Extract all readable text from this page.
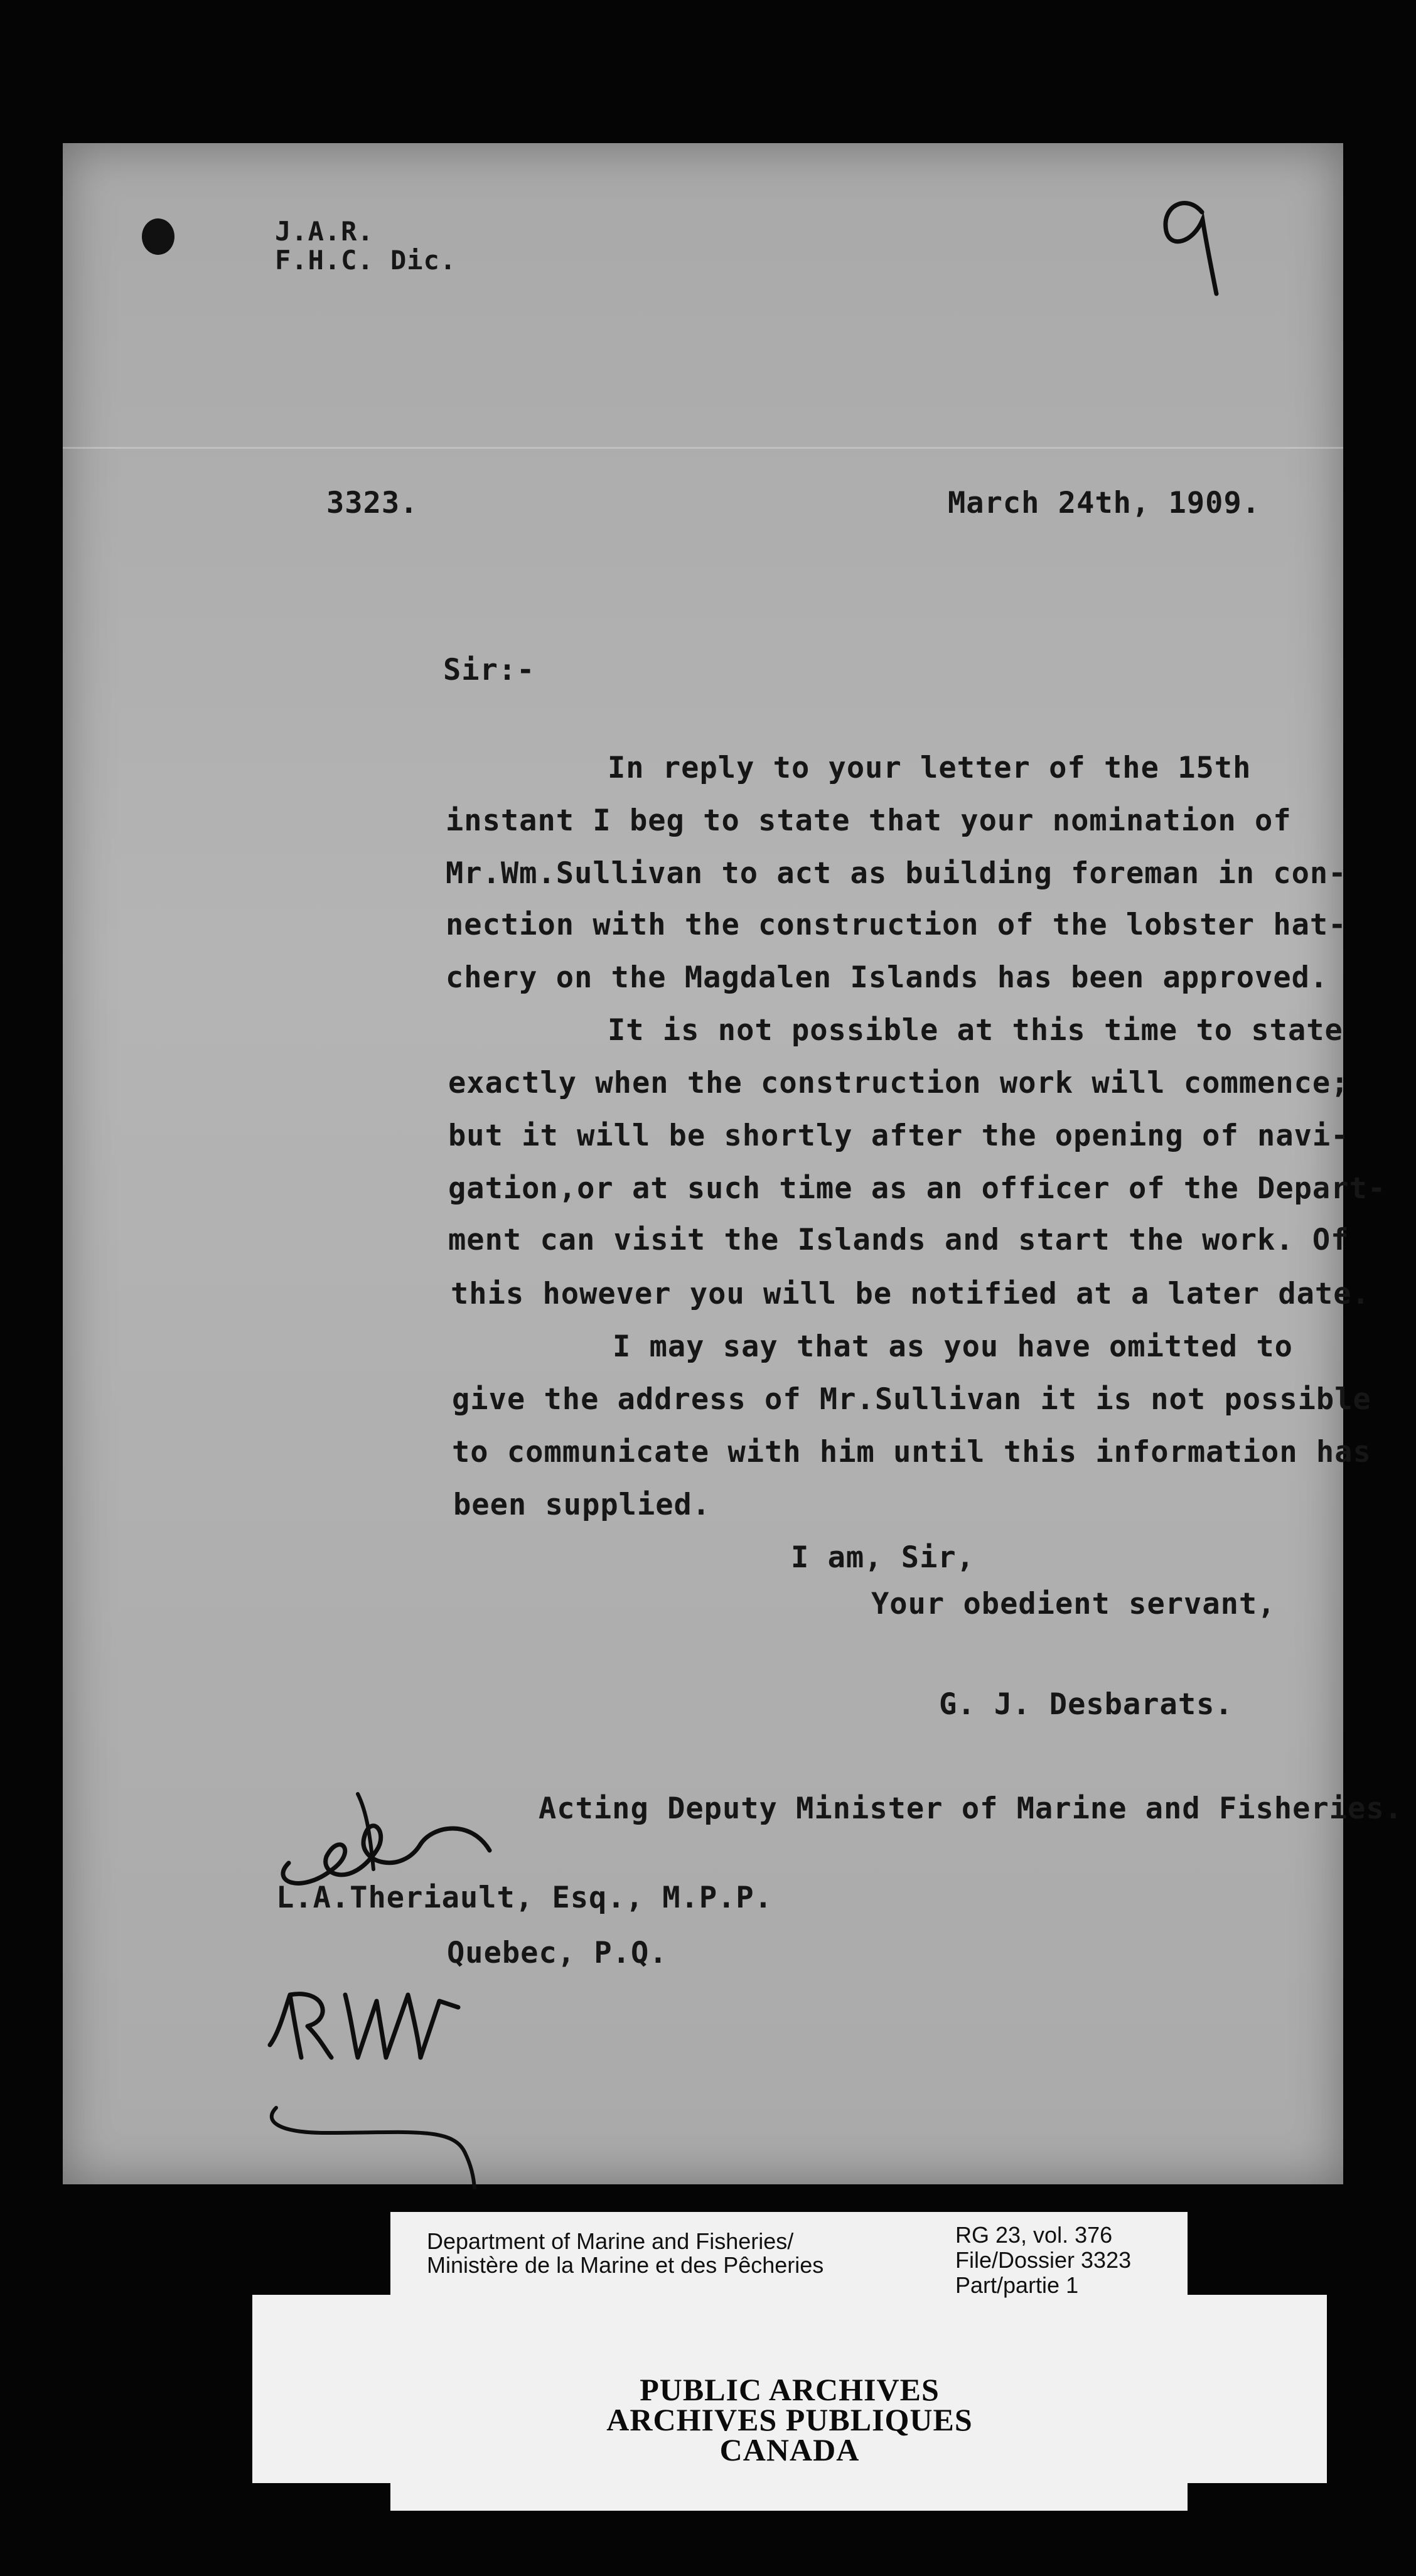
J.A.R.
F.H.C. Dic.
9
3323.	March 24th, 1909.
Sir:-
In reply to your letter of the 15th
instant I beg to state that your nomination of
Mr.Wm.Sullivan to act as building foreman in con-
nection with the construction of the lobster hat-
chery on the Magdalen Islands has been approved.
It is not possible at this time to state
exactly when the construction work will commence;
but it will be shortly after the opening of navi-
gation,or at such time as an officer of the Depart-
ment can visit the Islands and start the work. Of
this however you will be notified at a later date.
I may say that as you have omitted to
give the address of Mr.Sullivan it is not possible
to communicate with him until this information has
been supplied.
I am, Sir,
Your obedient servant,
G. J. Desbarats.
Acting Deputy Minister of Marine and Fisheries.
L.A.Theriault, Esq., M.P.P.
Quebec, P.Q.
RMW
Department of Marine and Fisheries/
Ministère de la Marine et des Pêcheries
RG 23, vol. 376
File/Dossier 3323
Part/partie 1
PUBLIC ARCHIVES
ARCHIVES PUBLIQUES
CANADA
